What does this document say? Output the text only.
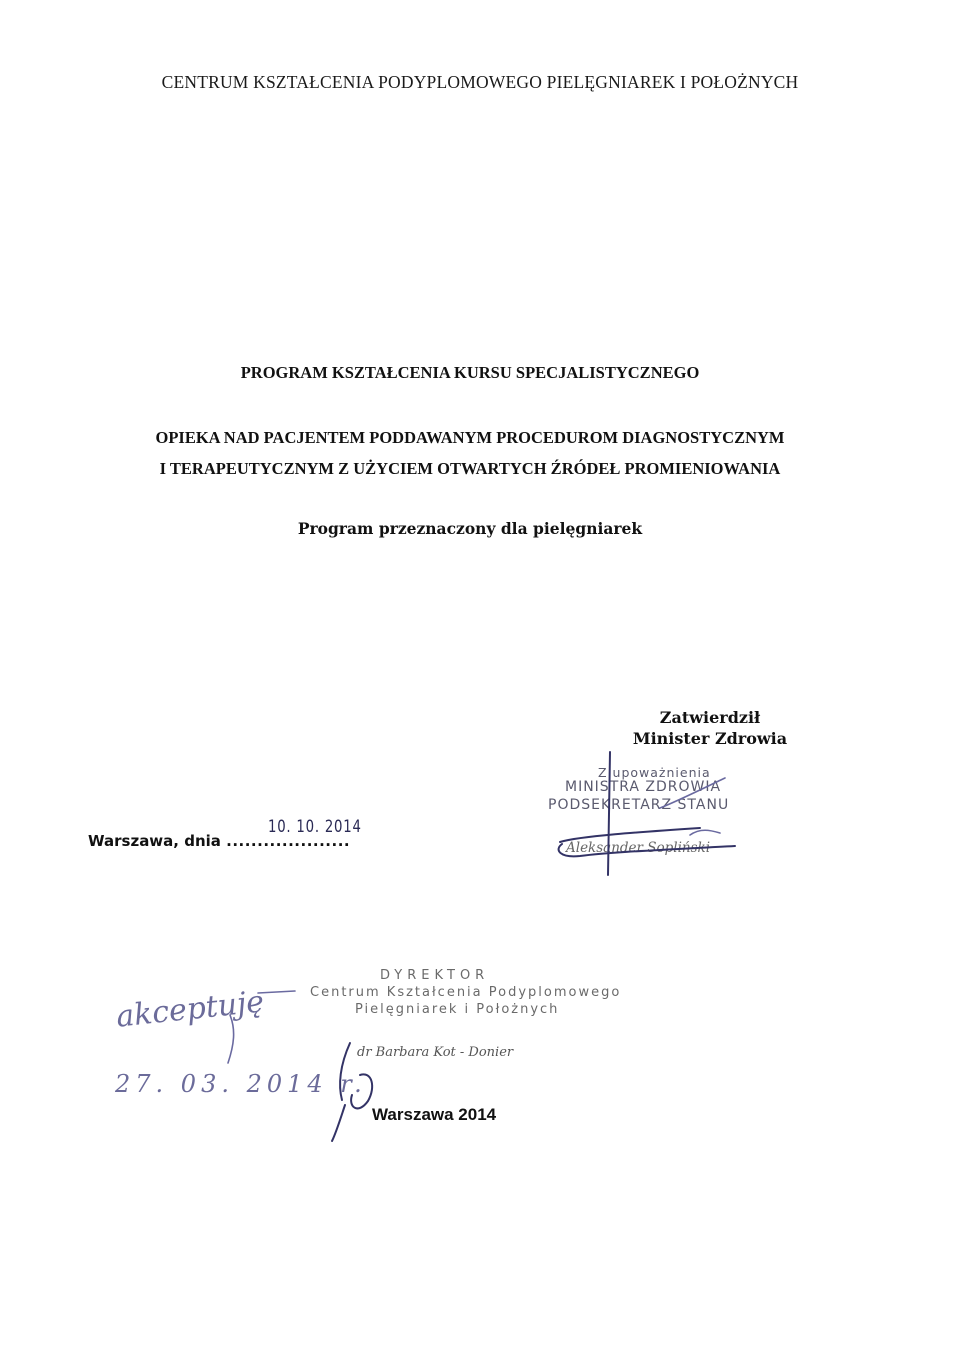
CENTRUM KSZTAŁCENIA PODYPLOMOWEGO PIELĘGNIAREK I POŁOŻNYCH
PROGRAM KSZTAŁCENIA KURSU SPECJALISTYCZNEGO
OPIEKA NAD PACJENTEM PODDAWANYM PROCEDUROM DIAGNOSTYCZNYM
I TERAPEUTYCZNYM Z UŻYCIEM OTWARTYCH ŹRÓDEŁ PROMIENIOWANIA
Program przeznaczony dla pielęgniarek
Zatwierdził
Minister Zdrowia
Warszawa, dnia ....................
10. 10. 2014
Z upoważnienia
MINISTRA ZDROWIA
PODSEKRETARZ STANU
Aleksander Sopliński
DYREKTOR
Centrum Kształcenia Podyplomowego
Pielęgniarek i Położnych
dr Barbara Kot - Donier
akceptuję
27. 03. 2014 r.
Warszawa 2014
